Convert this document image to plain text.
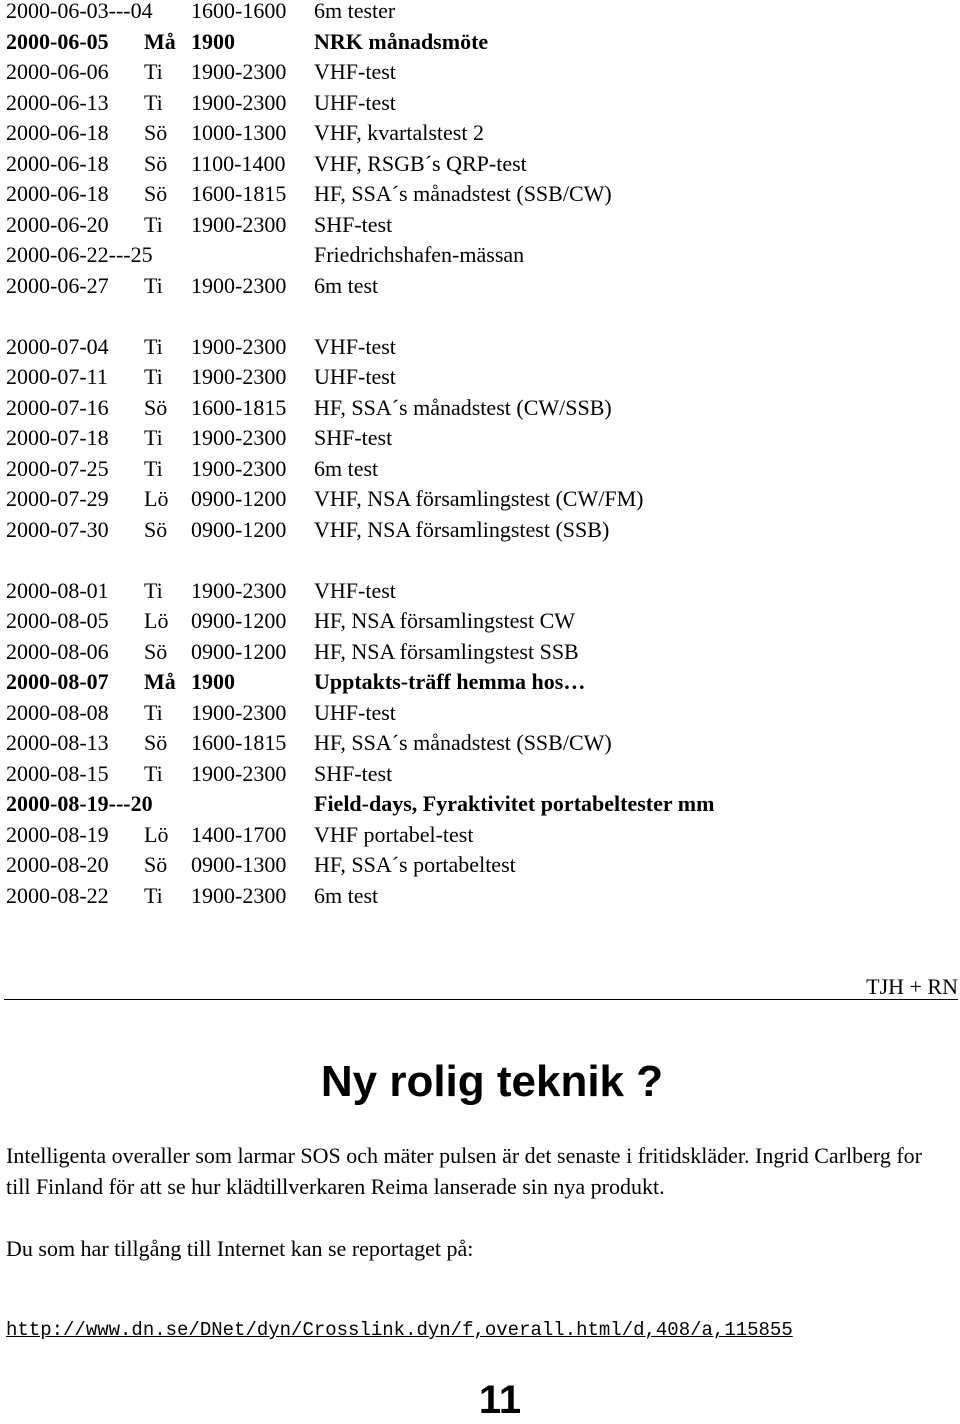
2000-06-03---04 1600-1600 6m tester
2000-06-05 Må 1900	NRK månadsmöte
2000-06-06 Ti 1900-2300 VHF-test
2000-06-13 Ti 1900-2300 UHF-test
2000-06-18 Sö 1000-1300 VHF, kvartalstest 2
2000-06-18 Sö 1100-1400 VHF, RSGB´s QRP-test
2000-06-18 Sö 1600-1815 HF, SSA´s månadstest (SSB/CW)
2000-06-20 Ti 1900-2300 SHF-test
2000-06-22---25	Friedrichshafen-mässan
2000-06-27 Ti 1900-2300 6m test
2000-07-04 Ti 1900-2300 VHF-test
2000-07-11 Ti 1900-2300 UHF-test
2000-07-16 Sö 1600-1815 HF, SSA´s månadstest (CW/SSB)
2000-07-18 Ti 1900-2300 SHF-test
2000-07-25 Ti 1900-2300 6m test
2000-07-29 Lö 0900-1200 VHF, NSA församlingstest (CW/FM)
2000-07-30 Sö 0900-1200 VHF, NSA församlingstest (SSB)
2000-08-01 Ti 1900-2300 VHF-test
2000-08-05 Lö 0900-1200 HF, NSA församlingstest CW
2000-08-06 Sö 0900-1200 HF, NSA församlingstest SSB
2000-08-07 Må 1900	Upptakts-träff hemma hos…
2000-08-08 Ti 1900-2300 UHF-test
2000-08-13 Sö 1600-1815 HF, SSA´s månadstest (SSB/CW)
2000-08-15 Ti 1900-2300 SHF-test
2000-08-19---20	Field-days, Fyraktivitet portabeltester mm
2000-08-19 Lö 1400-1700 VHF portabel-test
2000-08-20 Sö 0900-1300 HF, SSA´s portabeltest
2000-08-22 Ti 1900-2300 6m test
TJH + RN
Ny rolig teknik ?

Intelligenta overaller som larmar SOS och mäter pulsen är det senaste i fritidskläder. Ingrid Carlberg for till Finland för att se hur klädtillverkaren Reima lanserade sin nya produkt.

Du som har tillgång till Internet kan se reportaget på:

http://www.dn.se/DNet/dyn/Crosslink.dyn/f,overall.html/d,408/a,115855
11
